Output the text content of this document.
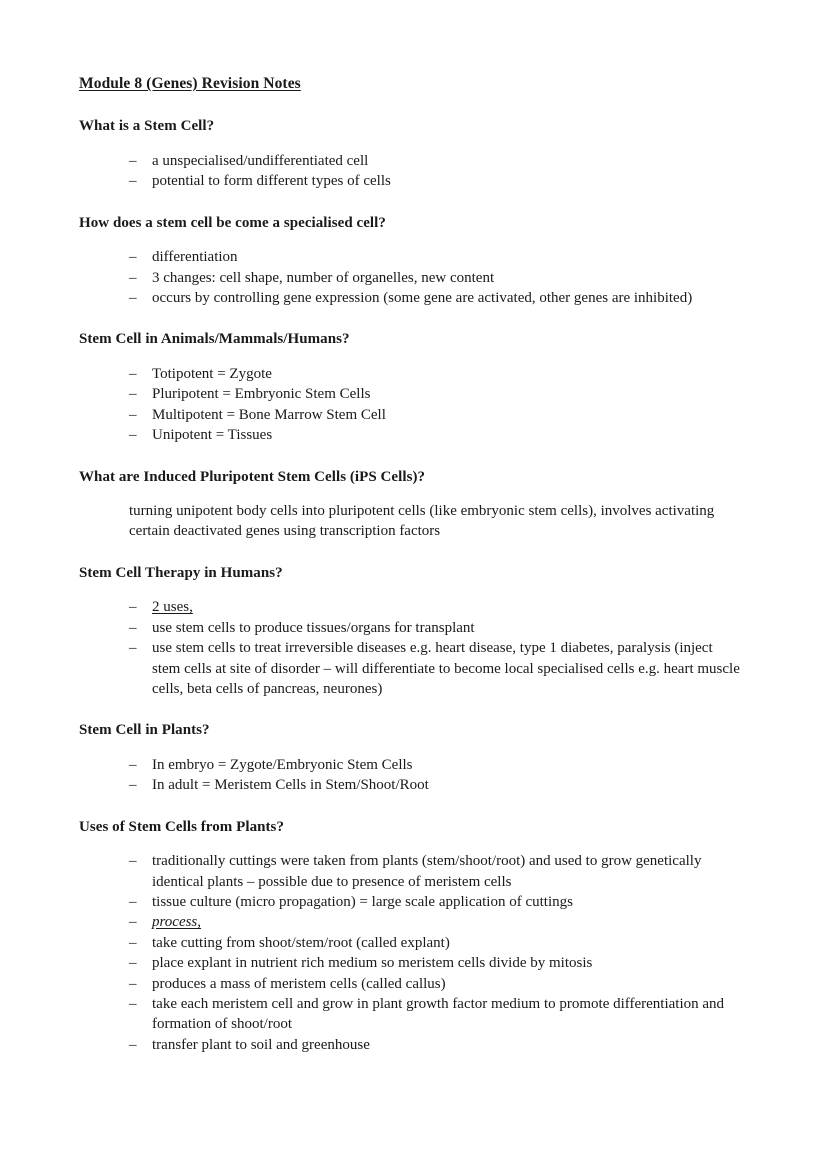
Module 8 (Genes) Revision Notes
What is a Stem Cell?
– a unspecialised/undifferentiated cell
– potential to form different types of cells
How does a stem cell be come a specialised cell?
– differentiation
– 3 changes: cell shape, number of organelles, new content
– occurs by controlling gene expression (some gene are activated, other genes are inhibited)
Stem Cell in Animals/Mammals/Humans?
– Totipotent = Zygote
– Pluripotent = Embryonic Stem Cells
– Multipotent = Bone Marrow Stem Cell
– Unipotent = Tissues
What are Induced Pluripotent Stem Cells (iPS Cells)?

turning unipotent body cells into pluripotent cells (like embryonic stem cells), involves activating certain deactivated genes using transcription factors

Stem Cell Therapy in Humans?
– 2 uses,
– use stem cells to produce tissues/organs for transplant
– use stem cells to treat irreversible diseases e.g. heart disease, type 1 diabetes, paralysis (inject stem cells at site of disorder – will differentiate to become local specialised cells e.g. heart muscle cells, beta cells of pancreas, neurones)
Stem Cell in Plants?
– In embryo = Zygote/Embryonic Stem Cells
– In adult = Meristem Cells in Stem/Shoot/Root
Uses of Stem Cells from Plants?
– traditionally cuttings were taken from plants (stem/shoot/root) and used to grow genetically identical plants – possible due to presence of meristem cells
– tissue culture (micro propagation) = large scale application of cuttings
– process,
– take cutting from shoot/stem/root (called explant)
– place explant in nutrient rich medium so meristem cells divide by mitosis
– produces a mass of meristem cells (called callus)
– take each meristem cell and grow in plant growth factor medium to promote differentiation and formation of shoot/root
– transfer plant to soil and greenhouse
